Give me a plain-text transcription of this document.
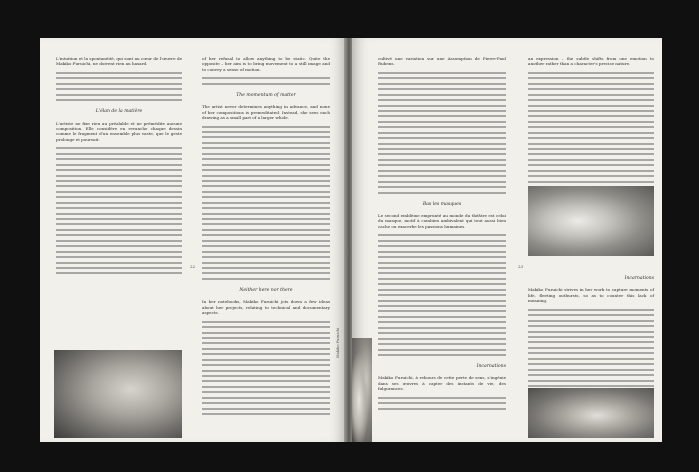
L'intuition et la spontanéité, qui sont au cœur de l'œuvre de Makiko Furuichi, ne doivent rien au hasard.

L'élan de la matière

L'artiste ne fixe rien au préalable et ne prémédite aucune composition. Elle considère en revanche chaque dessin comme le fragment d'un ensemble plus vaste, que le geste prolonge et poursuit.

of her refusal to allow anything to be static. Quite the opposite – her aim is to bring movement to a still image and to convey a sense of motion.

The momentum of matter

The artist never determines anything in advance, and none of her compositions is premeditated. Instead, she sees each drawing as a small part of a larger whole.

Neither here nor there

In her notebooks, Makiko Furuichi jots down a few ideas about her projects, relating to technical and documentary aspects.

22
Makiko Furuichi

cultivé une variation sur une Assomption de Pierre-Paul Rubens.

Bas les masques

Le second emblème emprunté au monde du théâtre est celui du masque, motif à combien ambivalent qui tout aussi bien cache ou exacerbe les passions humaines.

Incarnations

Makiko Furuichi, à rebours de cette perte de sens, s'ingénie dans ses œuvres à capter des instants de vie, des fulgurances.

23

an expression – the subtle shifts from one emotion to another rather than a character's precise nature.

Incarnations

Makiko Furuichi strives in her work to capture moments of life, fleeting outbursts, so as to counter this lack of meaning.
